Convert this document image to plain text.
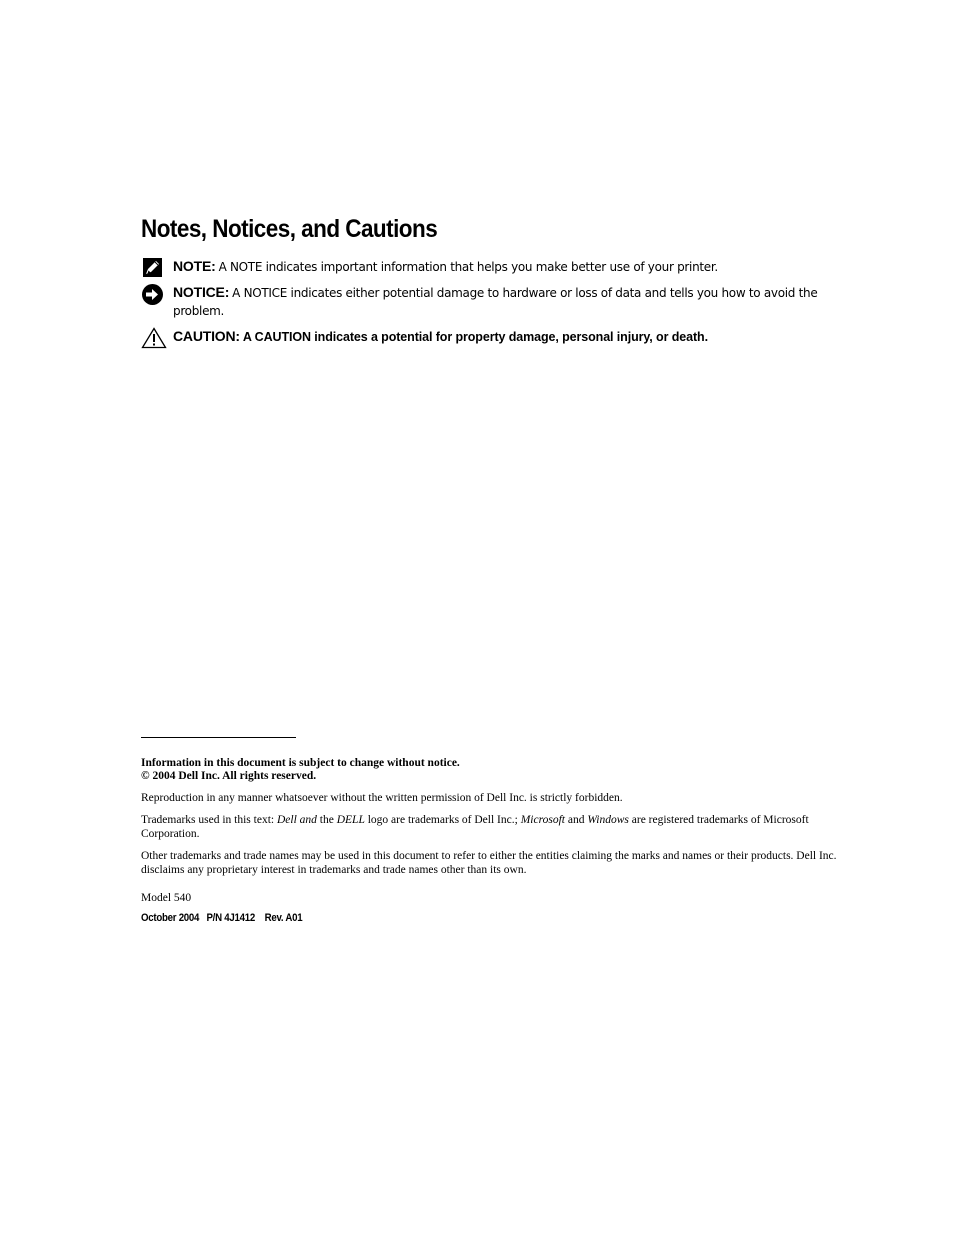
Notes, Notices, and Cautions
NOTE: A NOTE indicates important information that helps you make better use of your printer.
NOTICE: A NOTICE indicates either potential damage to hardware or loss of data and tells you how to avoid the problem.
CAUTION: A CAUTION indicates a potential for property damage, personal injury, or death.

Information in this document is subject to change without notice.

© 2004 Dell Inc. All rights reserved.

Reproduction in any manner whatsoever without the written permission of Dell Inc. is strictly forbidden.

Trademarks used in this text: Dell and the DELL logo are trademarks of Dell Inc.; Microsoft and Windows are registered trademarks of Microsoft Corporation.

Other trademarks and trade names may be used in this document to refer to either the entities claiming the marks and names or their products. Dell Inc. disclaims any proprietary interest in trademarks and trade names other than its own.

Model 540

October 2004   P/N 4J1412    Rev. A01
